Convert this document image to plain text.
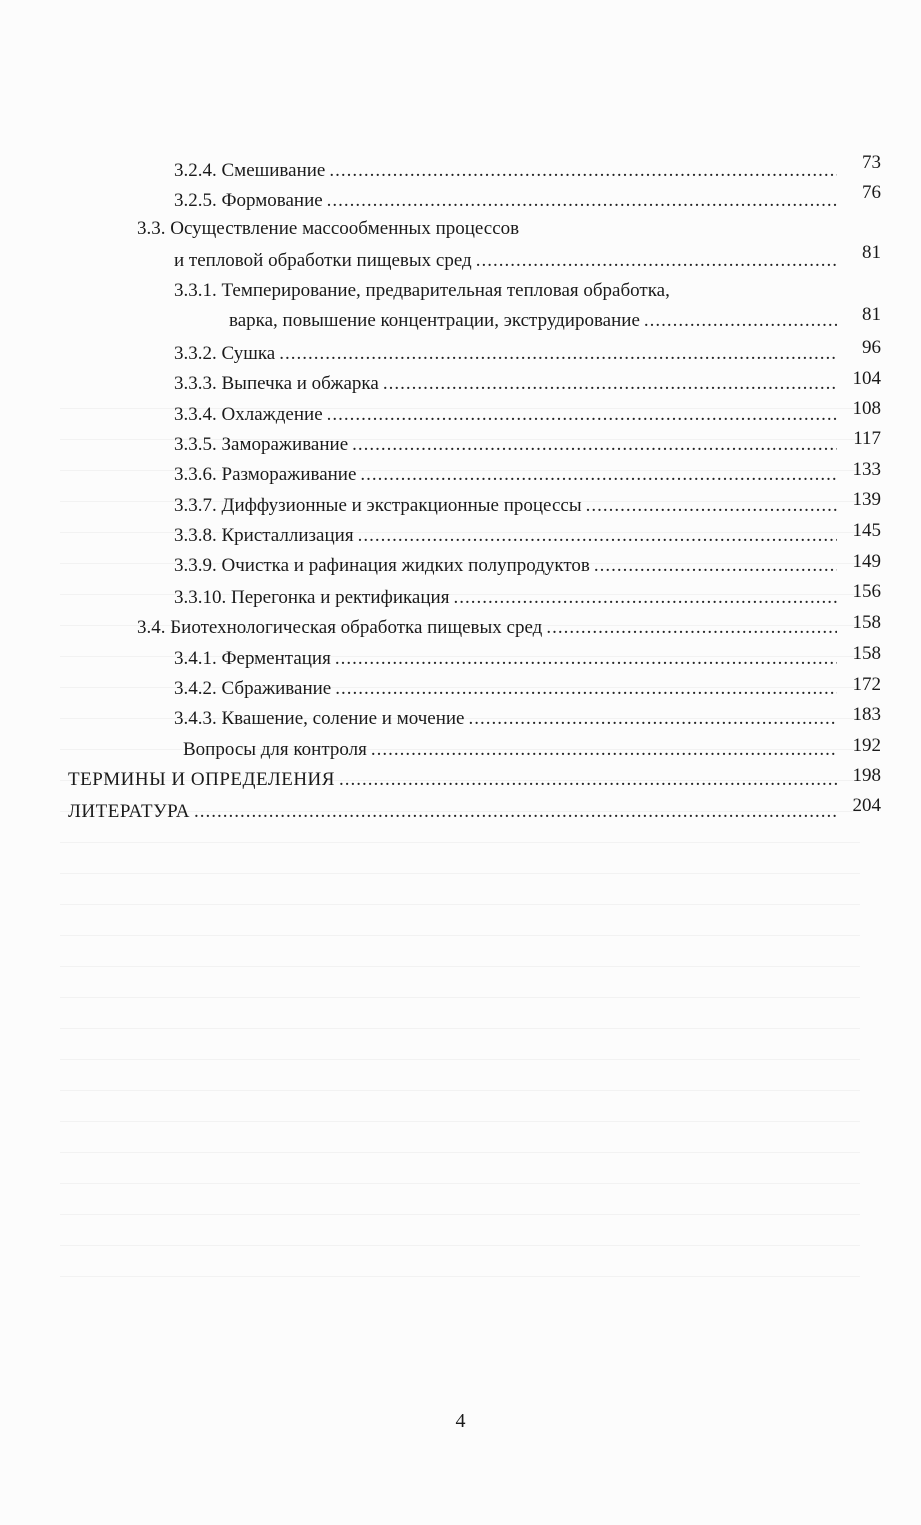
3.2.4. Смешивание .....	73
3.2.5. Формование .....	76
3.3. Осуществление массообменных процессов
и тепловой обработки пищевых сред .....	81
3.3.1. Темперирование, предварительная тепловая обработка,
варка, повышение концентрации, экструдирование .....	81
3.3.2. Сушка .....	96
3.3.3. Выпечка и обжарка .....	104
3.3.4. Охлаждение .....	108
3.3.5. Замораживание .....	117
3.3.6. Размораживание .....	133
3.3.7. Диффузионные и экстракционные процессы .....	139
3.3.8. Кристаллизация .....	145
3.3.9. Очистка и рафинация жидких полупродуктов .....	149
3.3.10. Перегонка и ректификация .....	156
3.4. Биотехнологическая обработка пищевых сред .....	158
3.4.1. Ферментация .....	158
3.4.2. Сбраживание .....	172
3.4.3. Квашение, соление и мочение .....	183
Вопросы для контроля .....	192
ТЕРМИНЫ И ОПРЕДЕЛЕНИЯ .....	198
ЛИТЕРАТУРА .....	204
4
